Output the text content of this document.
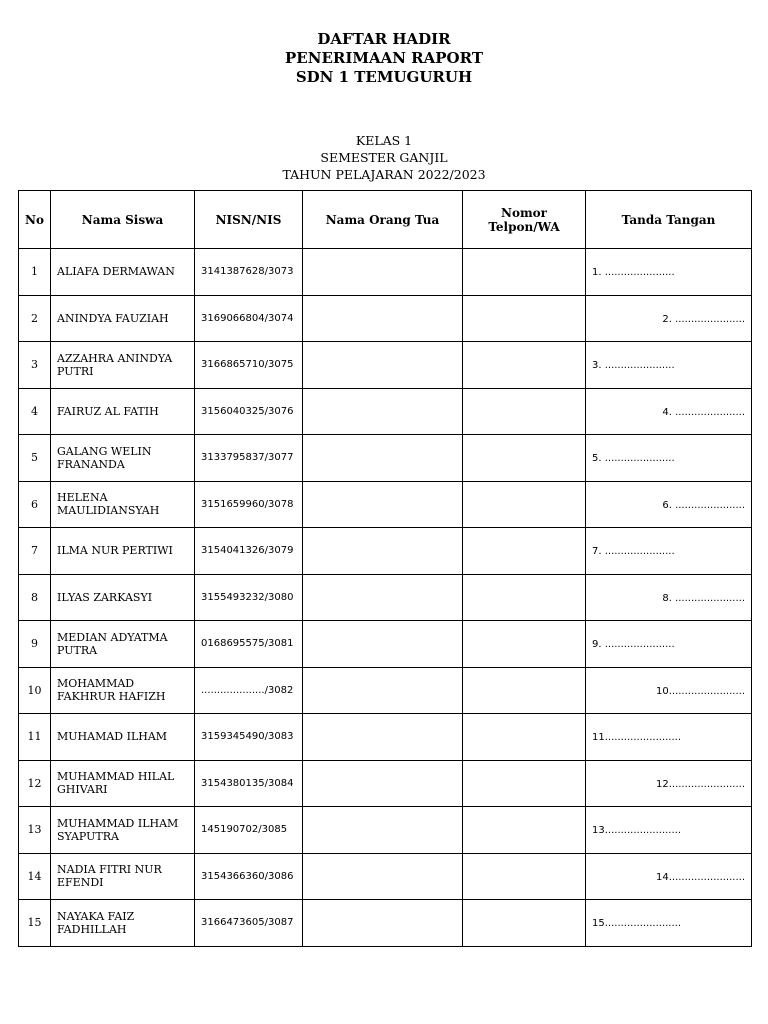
DAFTAR HADIR
PENERIMAAN RAPORT
SDN 1 TEMUGURUH
KELAS 1
SEMESTER GANJIL
TAHUN PELAJARAN 2022/2023
No	Nama Siswa	NISN/NIS	Nama Orang Tua	Nomor Telpon/WA	Tanda Tangan
1	ALIAFA DERMAWAN	3141387628/3073			1. ......................
2	ANINDYA FAUZIAH	3169066804/3074			2. ......................
3	AZZAHRA ANINDYA PUTRI	3166865710/3075			3. ......................
4	FAIRUZ AL FATIH	3156040325/3076			4. ......................
5	GALANG WELIN FRANANDA	3133795837/3077			5. ......................
6	HELENA MAULIDIANSYAH	3151659960/3078			6. ......................
7	ILMA NUR PERTIWI	3154041326/3079			7. ......................
8	ILYAS ZARKASYI	3155493232/3080			8. ......................
9	MEDIAN ADYATMA PUTRA	0168695575/3081			9. ......................
10	MOHAMMAD FAKHRUR HAFIZH	..................../3082			10........................
11	MUHAMAD ILHAM	3159345490/3083			11........................
12	MUHAMMAD HILAL GHIVARI	3154380135/3084			12........................
13	MUHAMMAD ILHAM SYAPUTRA	145190702/3085			13........................
14	NADIA FITRI NUR EFENDI	3154366360/3086			14........................
15	NAYAKA FAIZ FADHILLAH	3166473605/3087			15........................
